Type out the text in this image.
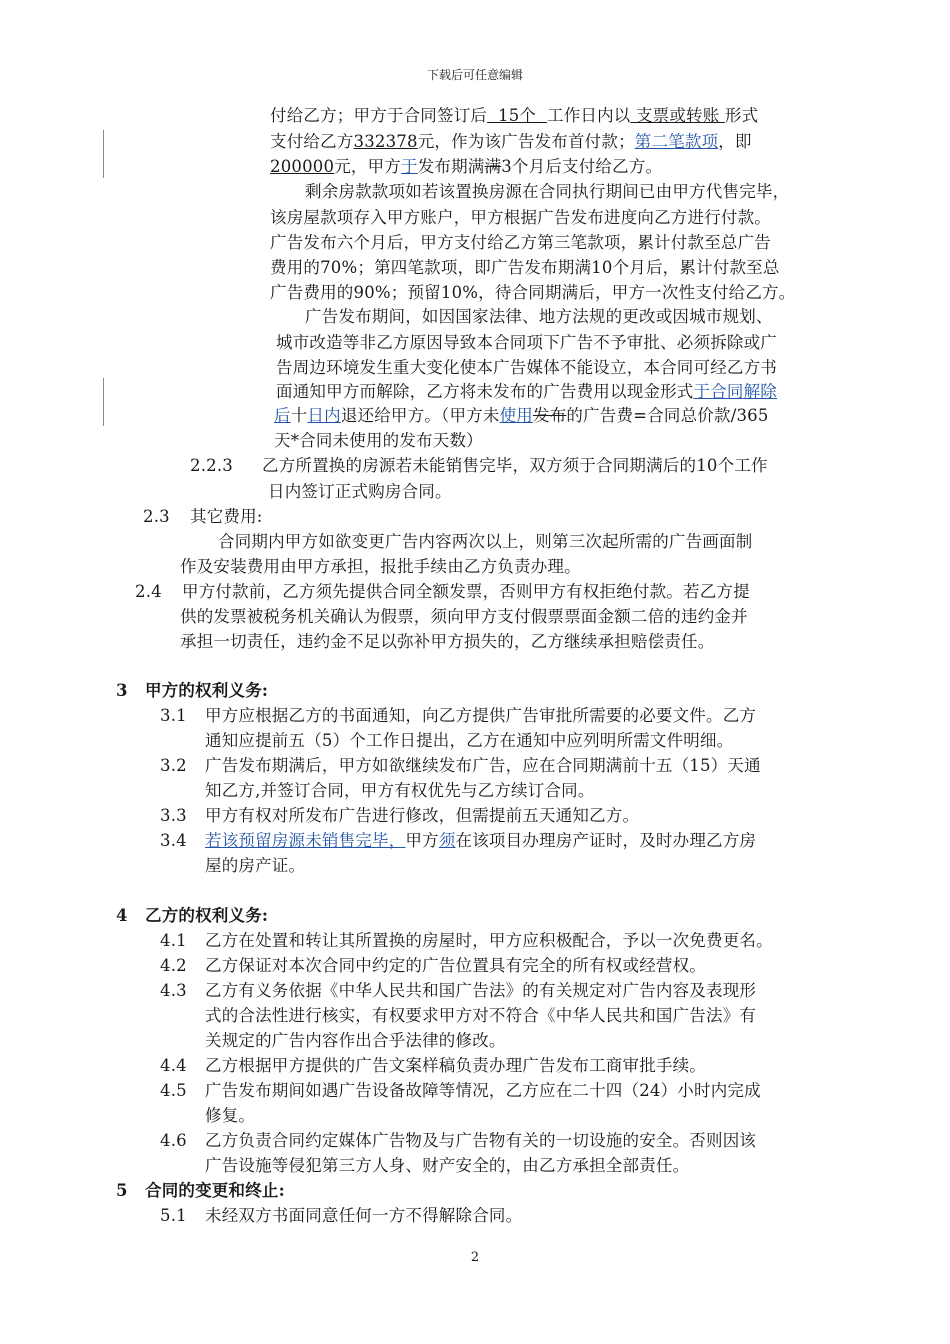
下载后可任意编辑
付给乙方；甲方于合同签订后  15个  工作日内以 支票或转账 形式
支付给乙方332378元，作为该广告发布首付款；第二笔款项，即
200000元，甲方于发布期满满3个月后支付给乙方。
剩余房款款项如若该置换房源在合同执行期间已由甲方代售完毕，
该房屋款项存入甲方账户，甲方根据广告发布进度向乙方进行付款。
广告发布六个月后，甲方支付给乙方第三笔款项，累计付款至总广告
费用的70%；第四笔款项，即广告发布期满10个月后，累计付款至总
广告费用的90%；预留10%，待合同期满后，甲方一次性支付给乙方。
广告发布期间，如因国家法律、地方法规的更改或因城市规划、
城市改造等非乙方原因导致本合同项下广告不予审批、必须拆除或广
告周边环境发生重大变化使本广告媒体不能设立，本合同可经乙方书
面通知甲方而解除，乙方将未发布的广告费用以现金形式于合同解除
后十日内退还给甲方。（甲方未使用发布的广告费=合同总价款/365
天*合同未使用的发布天数）
2.2.3 乙方所置换的房源若未能销售完毕，双方须于合同期满后的10个工作
日内签订正式购房合同。
2.3 其它费用:
合同期内甲方如欲变更广告内容两次以上，则第三次起所需的广告画面制
作及安装费用由甲方承担，报批手续由乙方负责办理。
2.4 甲方付款前，乙方须先提供合同全额发票，否则甲方有权拒绝付款。若乙方提
供的发票被税务机关确认为假票，须向甲方支付假票票面金额二倍的违约金并
承担一切责任，违约金不足以弥补甲方损失的，乙方继续承担赔偿责任。
3 甲方的权利义务:
3.1 甲方应根据乙方的书面通知，向乙方提供广告审批所需要的必要文件。乙方
通知应提前五（5）个工作日提出，乙方在通知中应列明所需文件明细。
3.2 广告发布期满后，甲方如欲继续发布广告，应在合同期满前十五（15）天通
知乙方,并签订合同，甲方有权优先与乙方续订合同。
3.3 甲方有权对所发布广告进行修改，但需提前五天通知乙方。
3.4 若该预留房源未销售完毕，甲方须在该项目办理房产证时，及时办理乙方房
屋的房产证。
4 乙方的权利义务:
4.1 乙方在处置和转让其所置换的房屋时，甲方应积极配合，予以一次免费更名。
4.2 乙方保证对本次合同中约定的广告位置具有完全的所有权或经营权。
4.3 乙方有义务依据《中华人民共和国广告法》的有关规定对广告内容及表现形
式的合法性进行核实，有权要求甲方对不符合《中华人民共和国广告法》有
关规定的广告内容作出合乎法律的修改。
4.4 乙方根据甲方提供的广告文案样稿负责办理广告发布工商审批手续。
4.5 广告发布期间如遇广告设备故障等情况，乙方应在二十四（24）小时内完成
修复。
4.6 乙方负责合同约定媒体广告物及与广告物有关的一切设施的安全。否则因该
广告设施等侵犯第三方人身、财产安全的，由乙方承担全部责任。
5 合同的变更和终止:
5.1 未经双方书面同意任何一方不得解除合同。
2
